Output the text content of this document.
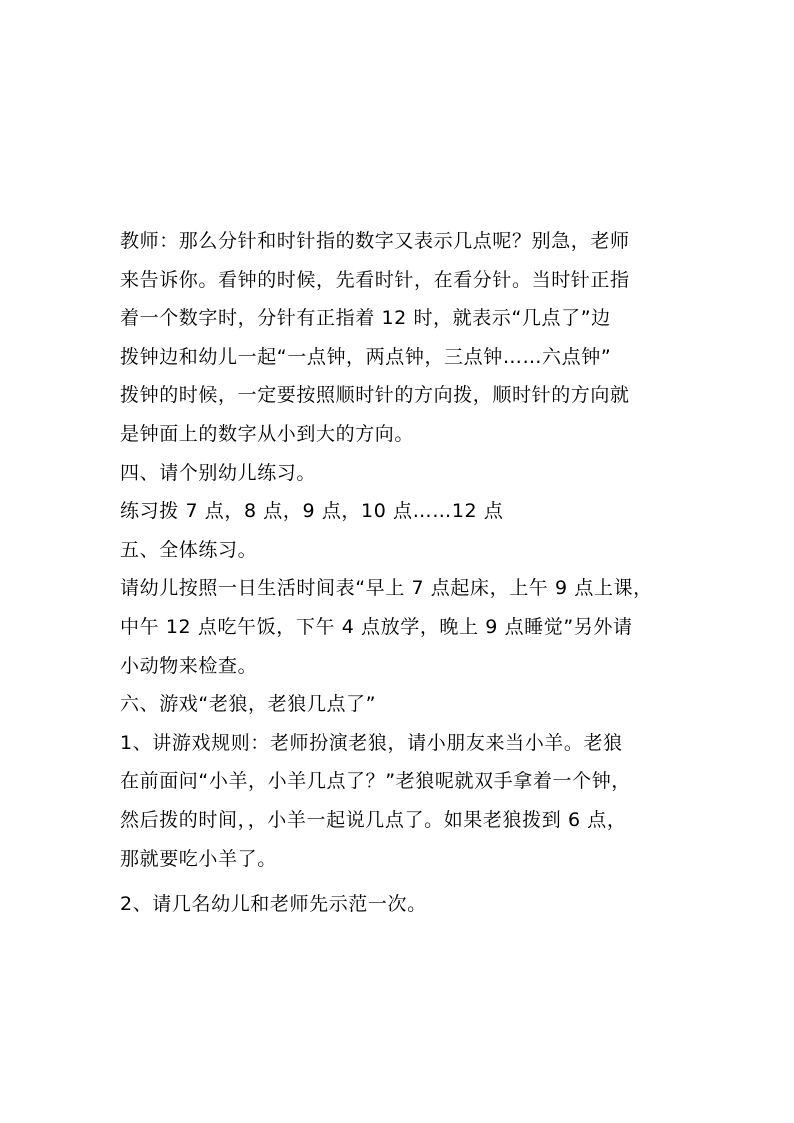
教师：那么分针和时针指的数字又表示几点呢？别急，老师
来告诉你。看钟的时候，先看时针，在看分针。当时针正指
着一个数字时，分针有正指着 12 时，就表示“几点了”边
拨钟边和幼儿一起“一点钟，两点钟，三点钟……六点钟”
拨钟的时候，一定要按照顺时针的方向拨，顺时针的方向就
是钟面上的数字从小到大的方向。
四、请个别幼儿练习。
练习拨 7 点，8 点，9 点，10 点……12 点
五、全体练习。
请幼儿按照一日生活时间表“早上 7 点起床，上午 9 点上课，
中午 12 点吃午饭，下午 4 点放学，晚上 9 点睡觉”另外请
小动物来检查。
六、游戏“老狼，老狼几点了”
1、讲游戏规则：老师扮演老狼，请小朋友来当小羊。老狼
在前面问“小羊，小羊几点了？”老狼呢就双手拿着一个钟，
然后拨的时间，，小羊一起说几点了。如果老狼拨到 6 点，
那就要吃小羊了。
2、请几名幼儿和老师先示范一次。
